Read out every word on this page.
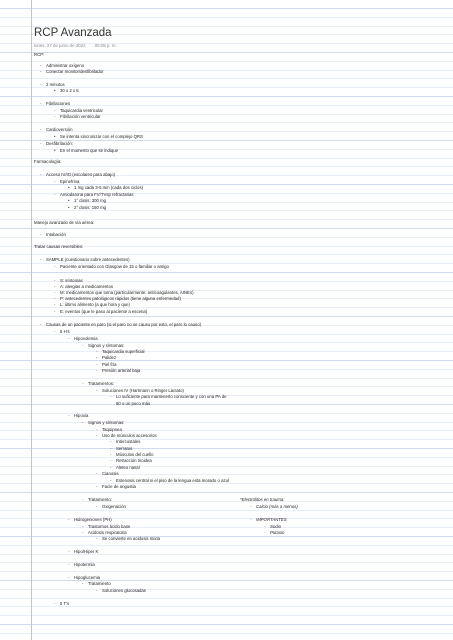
RCP Avanzada
lunes, 27 de junio de 2022 06:08 p. m.
RCP:
- Administrar oxígeno
- Conectar monitor/desfibrilador
- 2 minutos
• 30 x 2 x 5
- Fibrilaciones
- Taquicardia ventricular
- Fibrilación ventricular
- Cardioversión
• Se intenta sincronizar con el complejo QRS
- Desfibrilación:
• En el momento que se indique
Farmacología:
- Acceso IV/IO (escolares para abajo)
- Epinefrina
• 1 mg cada 3-5 min (cada dos ciclos)
- Amiodarona para FV/TVsp refractarias
• 1° dosis: 300 mg
• 2° dosis: 150 mg
Manejo avanzado de vía aérea:
- Intubación
Tratar causas reversibles:
- SAMPLE (cuestionario sobre antecedentes)
- Paciente orientado con Glasgow de 15 o familiar o amigo
- S: síntomas
- A: alergias a medicamentos
- M: medicamentos que toma (particularmente: anticoagulantes, AINEs)
- P: antecedentes patológicos rápidos (tiene alguna enfermedad)
- L: último alimento (a que hora y que)
- E: eventos (que le paso al paciente a escena)
- Causas de un paciente en paro (si el paro no se causo por esto, el paro lo causo)
- 5 H's
- Hipovolemia
- Signos y síntomas:
- Taquicardia superficial
- Palidez
- Piel fría
- Presión arterial baja
- Tratamientos:
- Soluciones IV (Hartmann o Ringer Lactato)
- Lo suficiente para mantenerlo consciente y con una PA de
60 o un poco más
- Hipoxia
- Signos y síntomas:
- Taquipnea
- Uso de músculos accesorios
- Intercostales
- Serratos
- Músculos del cuello
- Retracción tiroidea
- Aleteo nasal
- Cianosis
- Estenosis central si el piso de la lengua esta morado o azul
- Facie de angustia
- Tratamiento:
- Oxigenación
*Electrolitos en trauma:
- Calcio (más a menos)
- IMPORTANTES
- Sodio
- Potasio
- Hidrogeniones (PH)
- Trastornos ácido base
- Acidosis respiratoria
- Se convierte en acidosis mixta
- Hipo/Hiper K
- Hipotermia
- Hipoglucemia
- Tratamiento
- Soluciones glucosadas
- 5 T's
